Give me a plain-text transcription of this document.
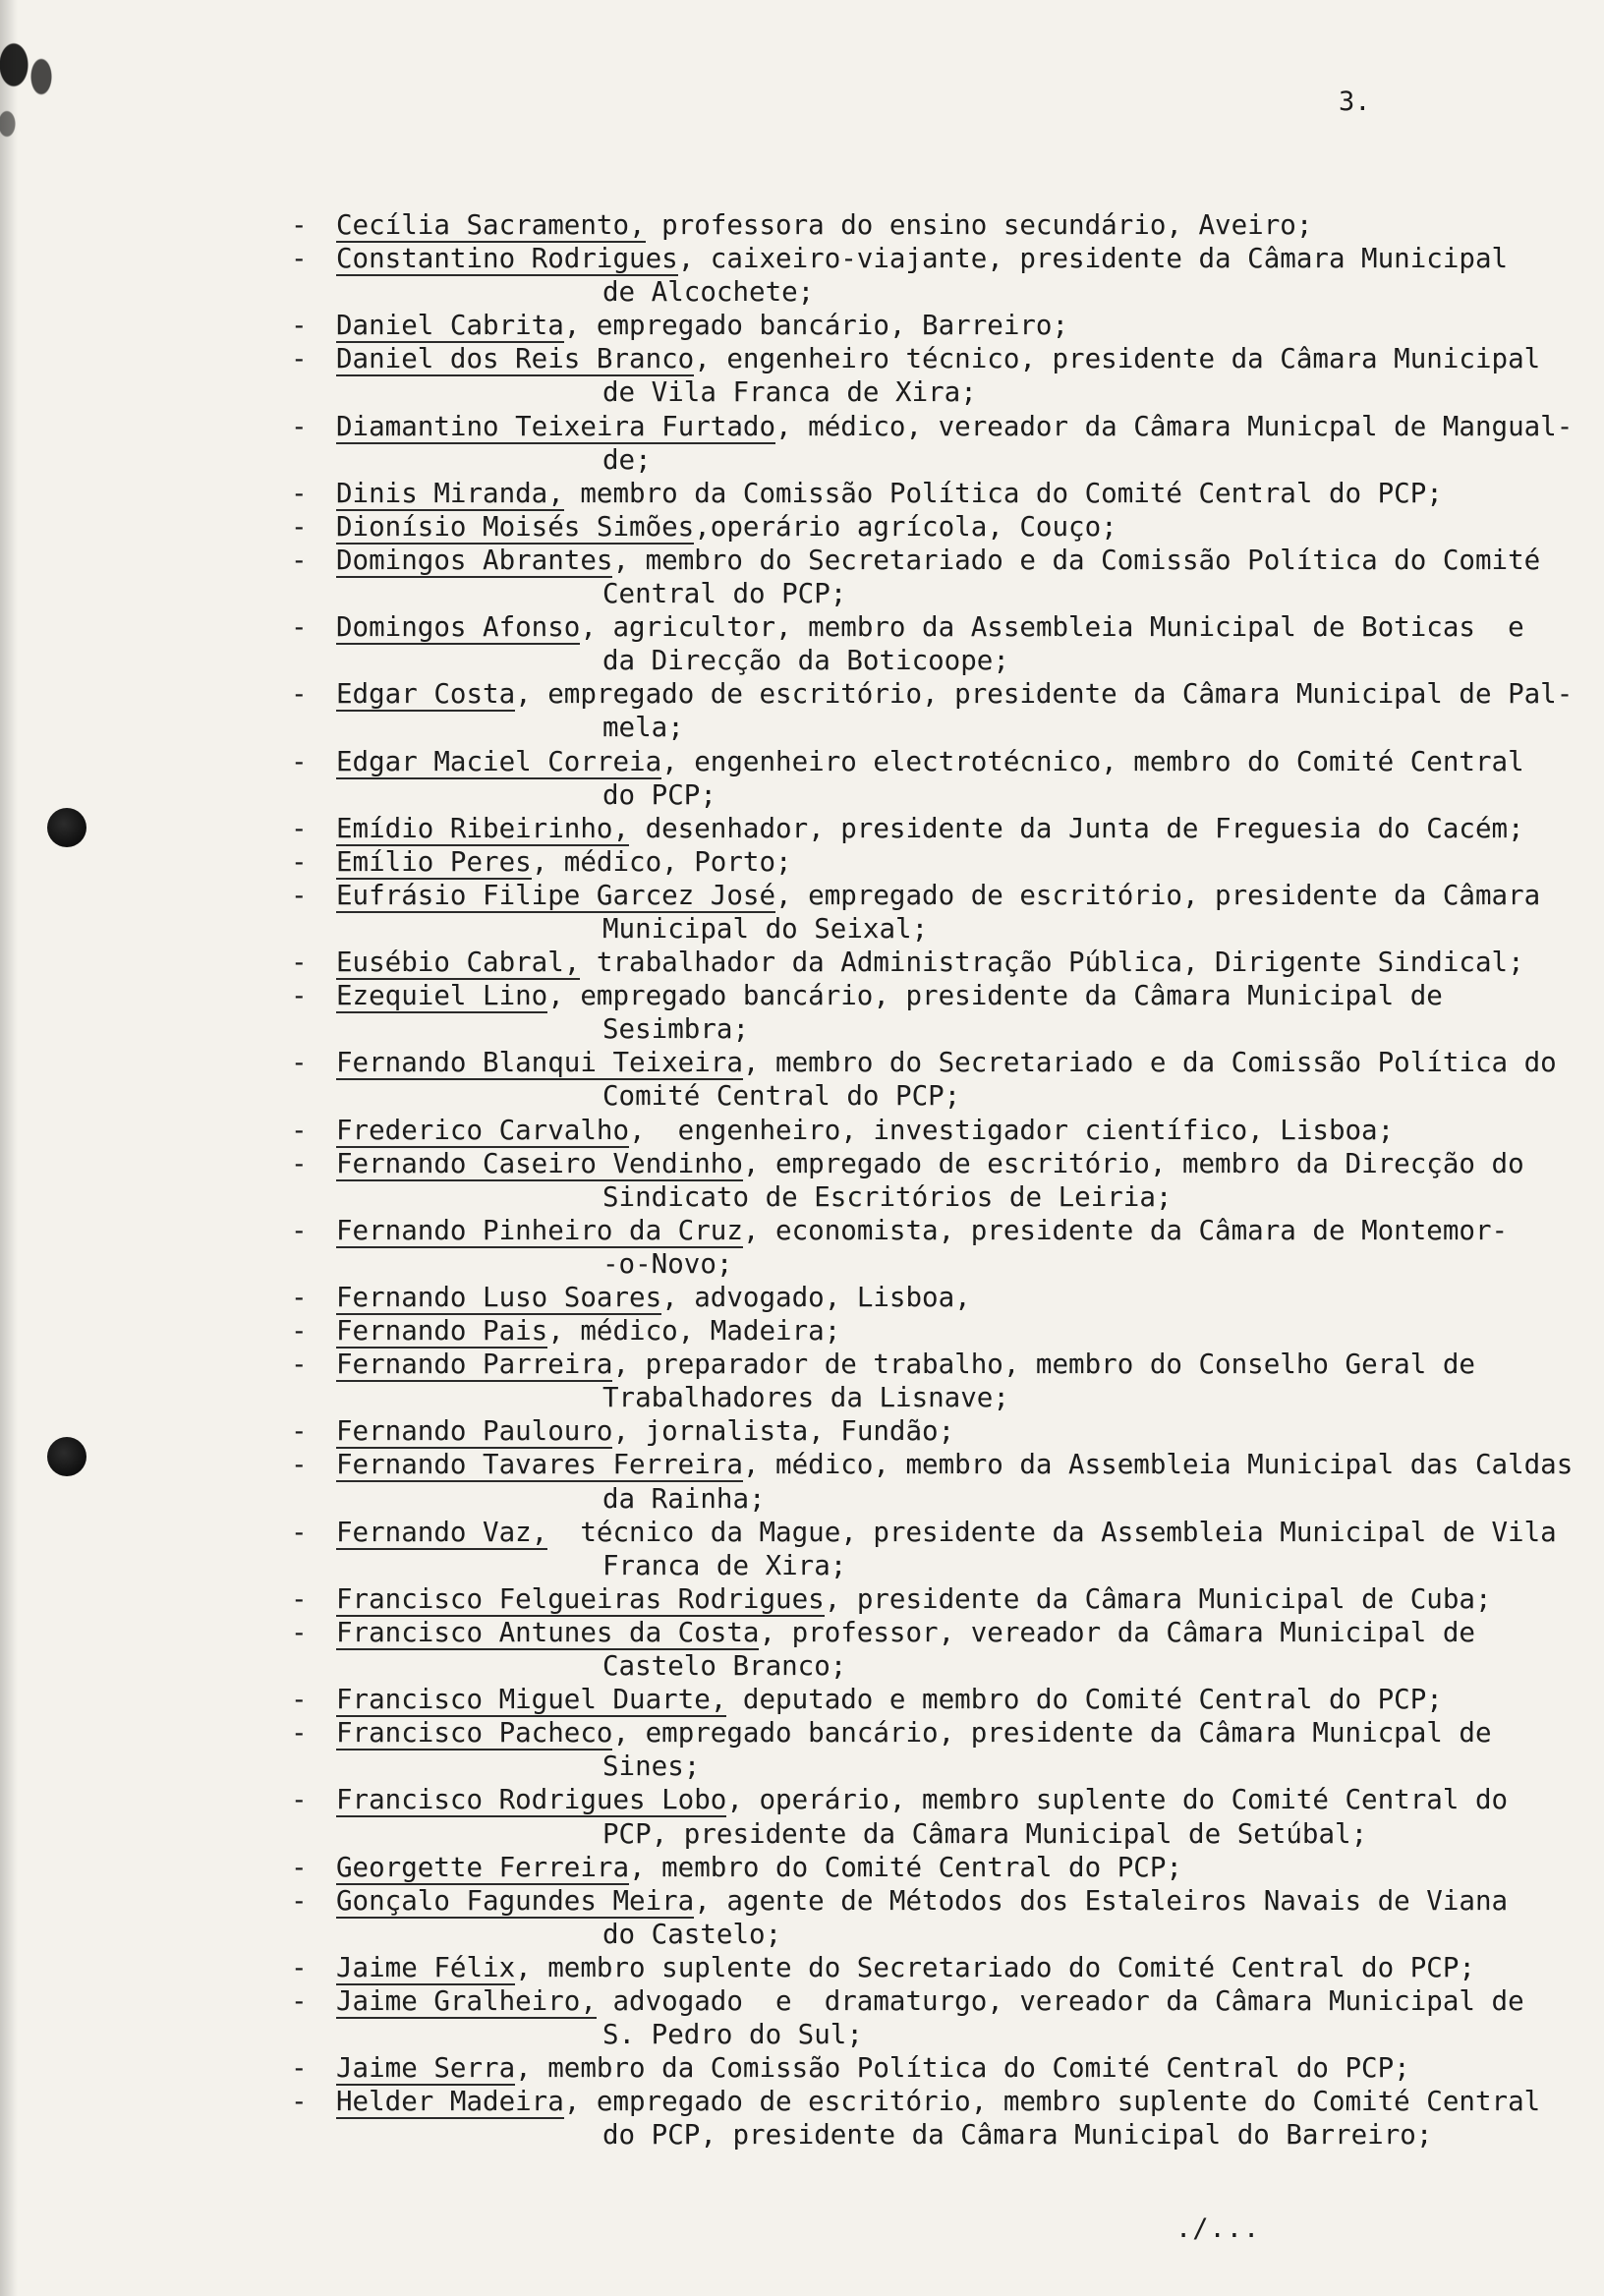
3.
-	Cecília Sacramento, professora do ensino secundário, Aveiro;
-	Constantino Rodrigues, caixeiro-viajante, presidente da Câmara Municipal
de Alcochete;
-	Daniel Cabrita, empregado bancário, Barreiro;
-	Daniel dos Reis Branco, engenheiro técnico, presidente da Câmara Municipal
de Vila Franca de Xira;
-	Diamantino Teixeira Furtado, médico, vereador da Câmara Municpal de Mangual-
de;
-	Dinis Miranda, membro da Comissão Política do Comité Central do PCP;
-	Dionísio Moisés Simões,operário agrícola, Couço;
-	Domingos Abrantes, membro do Secretariado e da Comissão Política do Comité
Central do PCP;
-	Domingos Afonso, agricultor, membro da Assembleia Municipal de Boticas  e
da Direcção da Boticoope;
-	Edgar Costa, empregado de escritório, presidente da Câmara Municipal de Pal-
mela;
-	Edgar Maciel Correia, engenheiro electrotécnico, membro do Comité Central
do PCP;
-	Emídio Ribeirinho, desenhador, presidente da Junta de Freguesia do Cacém;
-	Emílio Peres, médico, Porto;
-	Eufrásio Filipe Garcez José, empregado de escritório, presidente da Câmara
Municipal do Seixal;
-	Eusébio Cabral, trabalhador da Administração Pública, Dirigente Sindical;
-	Ezequiel Lino, empregado bancário, presidente da Câmara Municipal de
Sesimbra;
-	Fernando Blanqui Teixeira, membro do Secretariado e da Comissão Política do
Comité Central do PCP;
-	Frederico Carvalho,  engenheiro, investigador científico, Lisboa;
-	Fernando Caseiro Vendinho, empregado de escritório, membro da Direcção do
Sindicato de Escritórios de Leiria;
-	Fernando Pinheiro da Cruz, economista, presidente da Câmara de Montemor-
-o-Novo;
-	Fernando Luso Soares, advogado, Lisboa,
-	Fernando Pais, médico, Madeira;
-	Fernando Parreira, preparador de trabalho, membro do Conselho Geral de
Trabalhadores da Lisnave;
-	Fernando Paulouro, jornalista, Fundão;
-	Fernando Tavares Ferreira, médico, membro da Assembleia Municipal das Caldas
da Rainha;
-	Fernando Vaz,  técnico da Mague, presidente da Assembleia Municipal de Vila
Franca de Xira;
-	Francisco Felgueiras Rodrigues, presidente da Câmara Municipal de Cuba;
-	Francisco Antunes da Costa, professor, vereador da Câmara Municipal de
Castelo Branco;
-	Francisco Miguel Duarte, deputado e membro do Comité Central do PCP;
-	Francisco Pacheco, empregado bancário, presidente da Câmara Municpal de
Sines;
-	Francisco Rodrigues Lobo, operário, membro suplente do Comité Central do
PCP, presidente da Câmara Municipal de Setúbal;
-	Georgette Ferreira, membro do Comité Central do PCP;
-	Gonçalo Fagundes Meira, agente de Métodos dos Estaleiros Navais de Viana
do Castelo;
-	Jaime Félix, membro suplente do Secretariado do Comité Central do PCP;
-	Jaime Gralheiro, advogado  e  dramaturgo, vereador da Câmara Municipal de
S. Pedro do Sul;
-	Jaime Serra, membro da Comissão Política do Comité Central do PCP;
-	Helder Madeira, empregado de escritório, membro suplente do Comité Central
do PCP, presidente da Câmara Municipal do Barreiro;
./...
